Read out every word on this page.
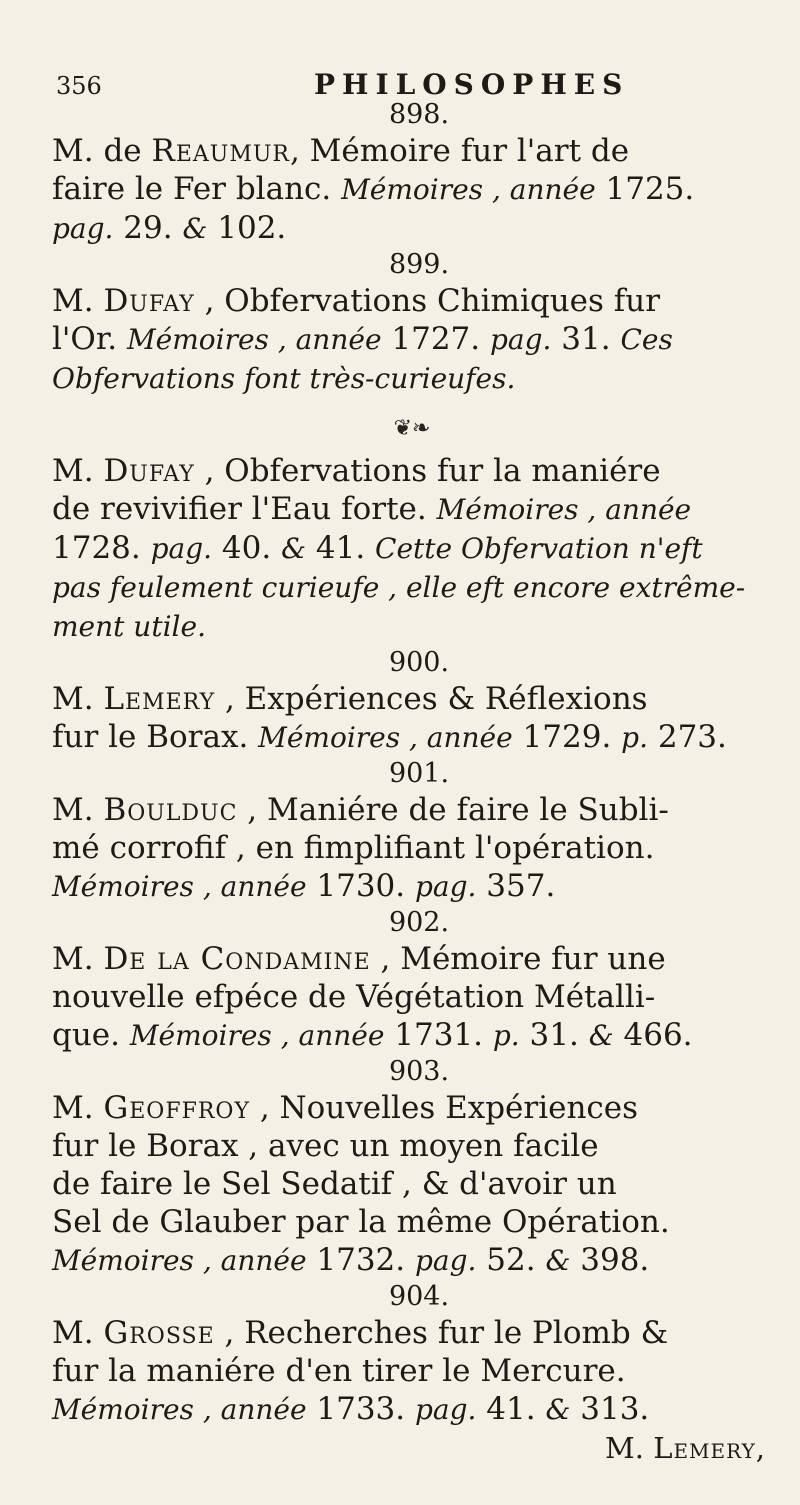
356	PHILOSOPHES
898.

M. de Reaumur, Mémoire fur l'art de

faire le Fer blanc. Mémoires , année 1725.

pag. 29. & 102.

899.

M. Dufay , Obfervations Chimiques fur

l'Or. Mémoires , année 1727. pag. 31. Ces

Obfervations font très-curieufes.

❦❧

M. Dufay , Obfervations fur la maniére

de revivifier l'Eau forte. Mémoires , année

1728. pag. 40. & 41. Cette Obfervation n'eft

pas feulement curieufe , elle eft encore extrême-

ment utile.

900.

M. Lemery , Expériences & Réflexions

fur le Borax. Mémoires , année 1729. p. 273.

901.

M. Boulduc , Maniére de faire le Subli-

mé corrofif , en fimplifiant l'opération.

Mémoires , année 1730. pag. 357.

902.

M. De la Condamine , Mémoire fur une

nouvelle efpéce de Végétation Métalli-

que. Mémoires , année 1731. p. 31. & 466.

903.

M. Geoffroy , Nouvelles Expériences

fur le Borax , avec un moyen facile

de faire le Sel Sedatif , & d'avoir un

Sel de Glauber par la même Opération.

Mémoires , année 1732. pag. 52. & 398.

904.

M. Grosse , Recherches fur le Plomb &

fur la maniére d'en tirer le Mercure.

Mémoires , année 1733. pag. 41. & 313.

M. Lemery,
